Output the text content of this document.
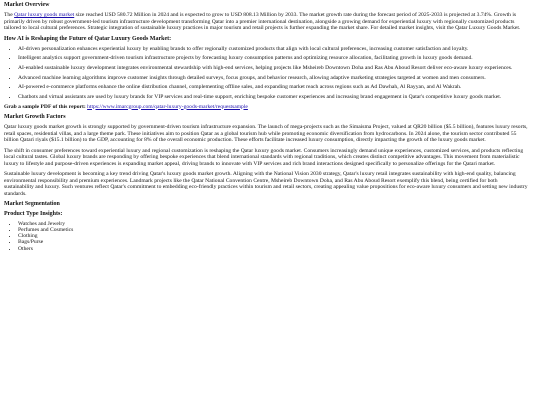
Market Overview

The Qatar luxury goods market size reached USD 580.72 Million in 2024 and is expected to grow to USD 808.13 Million by 2033. The market growth rate during the forecast period of 2025-2033 is projected at 3.74%. Growth is primarily driven by robust government-led tourism infrastructure development transforming Qatar into a premier international destination, alongside a growing demand for experiential luxury with regionally customized products tailored to local cultural preferences. Strategic integration of sustainable luxury practices in major tourism and retail projects is further expanding the market share. For detailed market insights, visit the Qatar Luxury Goods Market.

How AI is Reshaping the Future of Qatar Luxury Goods Market:
• AI-driven personalization enhances experiential luxury by enabling brands to offer regionally customized products that align with local cultural preferences, increasing customer satisfaction and loyalty.
• Intelligent analytics support government-driven tourism infrastructure projects by forecasting luxury consumption patterns and optimizing resource allocation, facilitating growth in luxury goods demand.
• AI-enabled sustainable luxury development integrates environmental stewardship with high-end services, helping projects like Msheireb Downtown Doha and Ras Abu Aboud Resort deliver eco-aware luxury experiences.
• Advanced machine learning algorithms improve customer insights through detailed surveys, focus groups, and behavior research, allowing adaptive marketing strategies targeted at women and men consumers.
• AI-powered e-commerce platforms enhance the online distribution channel, complementing offline sales, and expanding market reach across regions such as Ad Dawhah, Al Rayyan, and Al Wakrah.
• Chatbots and virtual assistants are used by luxury brands for VIP services and real-time support, enriching bespoke customer experiences and increasing brand engagement in Qatar's competitive luxury goods market.

Grab a sample PDF of this report: https://www.imarcgroup.com/qatar-luxury-goods-market/requestsample

Market Growth Factors

Qatar luxury goods market growth is strongly supported by government-driven tourism infrastructure expansion. The launch of mega-projects such as the Simaisma Project, valued at QR20 billion ($5.5 billion), features luxury resorts, retail spaces, residential villas, and a large theme park. These initiatives aim to position Qatar as a global tourism hub while promoting economic diversification from hydrocarbons. In 2024 alone, the tourism sector contributed 55 billion Qatari riyals ($15.1 billion) to the GDP, accounting for 8% of the overall economic production. These efforts facilitate increased luxury consumption, directly impacting the growth of the luxury goods market.

The shift in consumer preferences toward experiential luxury and regional customization is reshaping the Qatar luxury goods market. Consumers increasingly demand unique experiences, customized services, and products reflecting local cultural tastes. Global luxury brands are responding by offering bespoke experiences that blend international standards with regional traditions, which creates distinct competitive advantages. This movement from materialistic luxury to lifestyle and purpose-driven experiences is expanding market appeal, driving brands to innovate with VIP services and rich brand interactions designed specifically to personalize offerings for the Qatari market.

Sustainable luxury development is becoming a key trend driving Qatar's luxury goods market growth. Aligning with the National Vision 2030 strategy, Qatar's luxury retail integrates sustainability with high-end quality, balancing environmental responsibility and premium experiences. Landmark projects like the Qatar National Convention Centre, Msheireb Downtown Doha, and Ras Abu Aboud Resort exemplify this blend, being certified for both sustainability and luxury. Such ventures reflect Qatar's commitment to embedding eco-friendly practices within tourism and retail sectors, creating appealing value propositions for eco-aware luxury consumers and setting new industry standards.

Market Segmentation
Product Type Insights:
• Watches and Jewelry
• Perfumes and Cosmetics
• Clothing
• Bags/Purse
• Others
